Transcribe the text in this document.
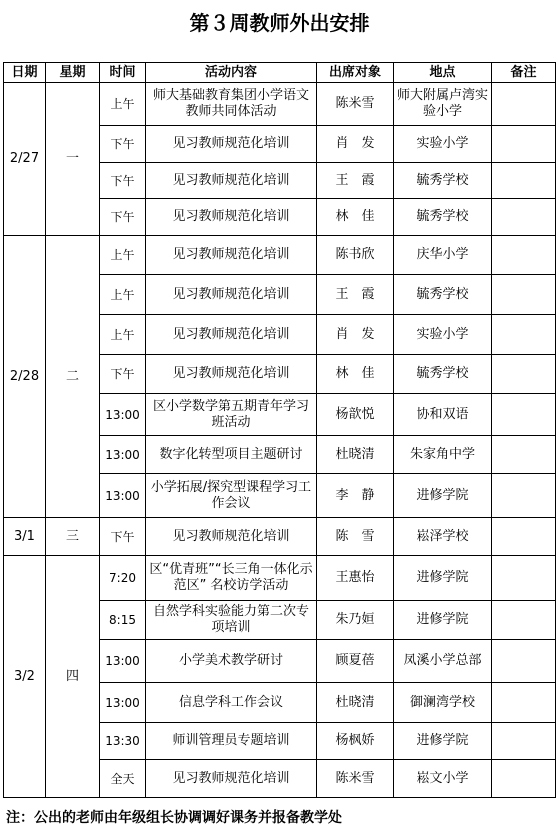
第３周教师外出安排
日期	星期	时间	活动内容	出席对象	地点	备注
2/27	一	上午	师大基础教育集团小学语文教师共同体活动	陈米雪	师大附属卢湾实验小学	
		下午	见习教师规范化培训	肖　发	实验小学	
		下午	见习教师规范化培训	王　霞	毓秀学校	
		下午	见习教师规范化培训	林　佳	毓秀学校	
2/28	二	上午	见习教师规范化培训	陈书欣	庆华小学	
		上午	见习教师规范化培训	王　霞	毓秀学校	
		上午	见习教师规范化培训	肖　发	实验小学	
		下午	见习教师规范化培训	林　佳	毓秀学校	
		13:00	区小学数学第五期青年学习班活动	杨歆悦	协和双语	
		13:00	数字化转型项目主题研讨	杜晓清	朱家角中学	
		13:00	小学拓展/探究型课程学习工作会议	李　静	进修学院	
3/1	三	下午	见习教师规范化培训	陈　雪	崧泽学校	
3/2	四	7:20	区“优青班”“长三角一体化示范区” 名校访学活动	王惠怡	进修学院	
		8:15	自然学科实验能力第二次专项培训	朱乃姮	进修学院	
		13:00	小学美术教学研讨	顾夏蓓	凤溪小学总部	
		13:00	信息学科工作会议	杜晓清	御澜湾学校	
		13:30	师训管理员专题培训	杨枫娇	进修学院	
		全天	见习教师规范化培训	陈米雪	崧文小学	
注：公出的老师由年级组长协调调好课务并报备教学处
